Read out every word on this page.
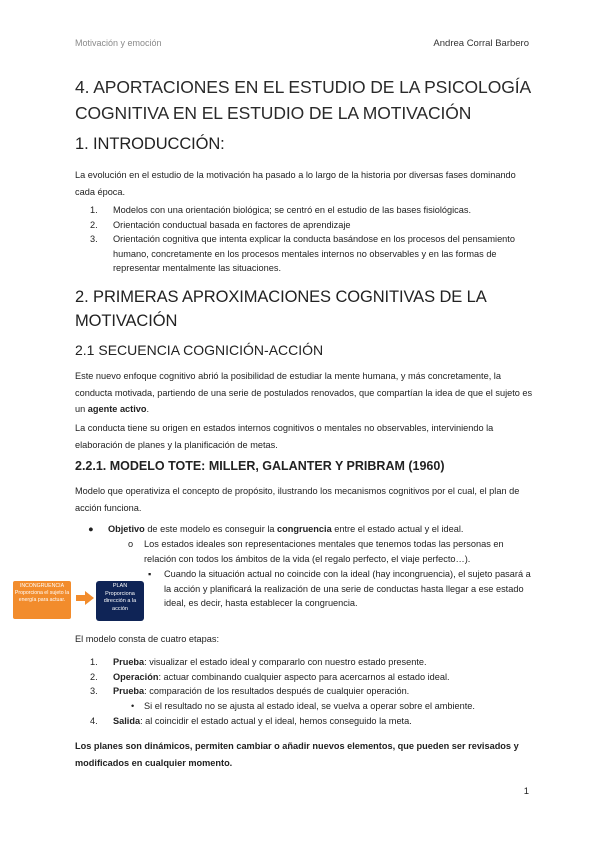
Motivación y emoción	Andrea Corral Barbero
4. APORTACIONES EN EL ESTUDIO DE LA PSICOLOGÍA COGNITIVA EN EL ESTUDIO DE LA MOTIVACIÓN
1. INTRODUCCIÓN:
La evolución en el estudio de la motivación ha pasado a lo largo de la historia por diversas fases dominando cada época.
1. Modelos con una orientación biológica; se centró en el estudio de las bases fisiológicas.
2. Orientación conductual basada en factores de aprendizaje
3. Orientación cognitiva que intenta explicar la conducta basándose en los procesos del pensamiento humano, concretamente en los procesos mentales internos no observables y en las formas de representar mentalmente las situaciones.
2. PRIMERAS APROXIMACIONES COGNITIVAS DE LA MOTIVACIÓN
2.1 SECUENCIA COGNICIÓN-ACCIÓN
Este nuevo enfoque cognitivo abrió la posibilidad de estudiar la mente humana, y más concretamente, la conducta motivada, partiendo de una serie de postulados renovados, que compartían la idea de que el sujeto es un agente activo.
La conducta tiene su origen en estados internos cognitivos o mentales no observables, interviniendo la elaboración de planes y la planificación de metas.
2.2.1. MODELO TOTE: MILLER, GALANTER Y PRIBRAM (1960)
Modelo que operativiza el concepto de propósito, ilustrando los mecanismos cognitivos por el cual, el plan de acción funciona.
●	Objetivo de este modelo es conseguir la congruencia entre el estado actual y el ideal.
o	Los estados ideales son representaciones mentales que tenemos todas las personas en relación con todos los ámbitos de la vida (el regalo perfecto, el viaje perfecto…).
▪	Cuando la situación actual no coincide con la ideal (hay incongruencia), el sujeto pasará a la acción y planificará la realización de una serie de conductas hasta llegar a ese estado ideal, es decir, hasta establecer la congruencia.
INCONGRUENCIA
Proporciona el sujeto la energía para actuar.
PLAN
Proporciona dirección a la acción
El modelo consta de cuatro etapas:
1. Prueba: visualizar el estado ideal y compararlo con nuestro estado presente.
2. Operación: actuar combinando cualquier aspecto para acercarnos al estado ideal.
3. Prueba: comparación de los resultados después de cualquier operación.
•	Si el resultado no se ajusta al estado ideal, se vuelva a operar sobre el ambiente.
4. Salida: al coincidir el estado actual y el ideal, hemos conseguido la meta.
Los planes son dinámicos, permiten cambiar o añadir nuevos elementos, que pueden ser revisados y modificados en cualquier momento.
1
